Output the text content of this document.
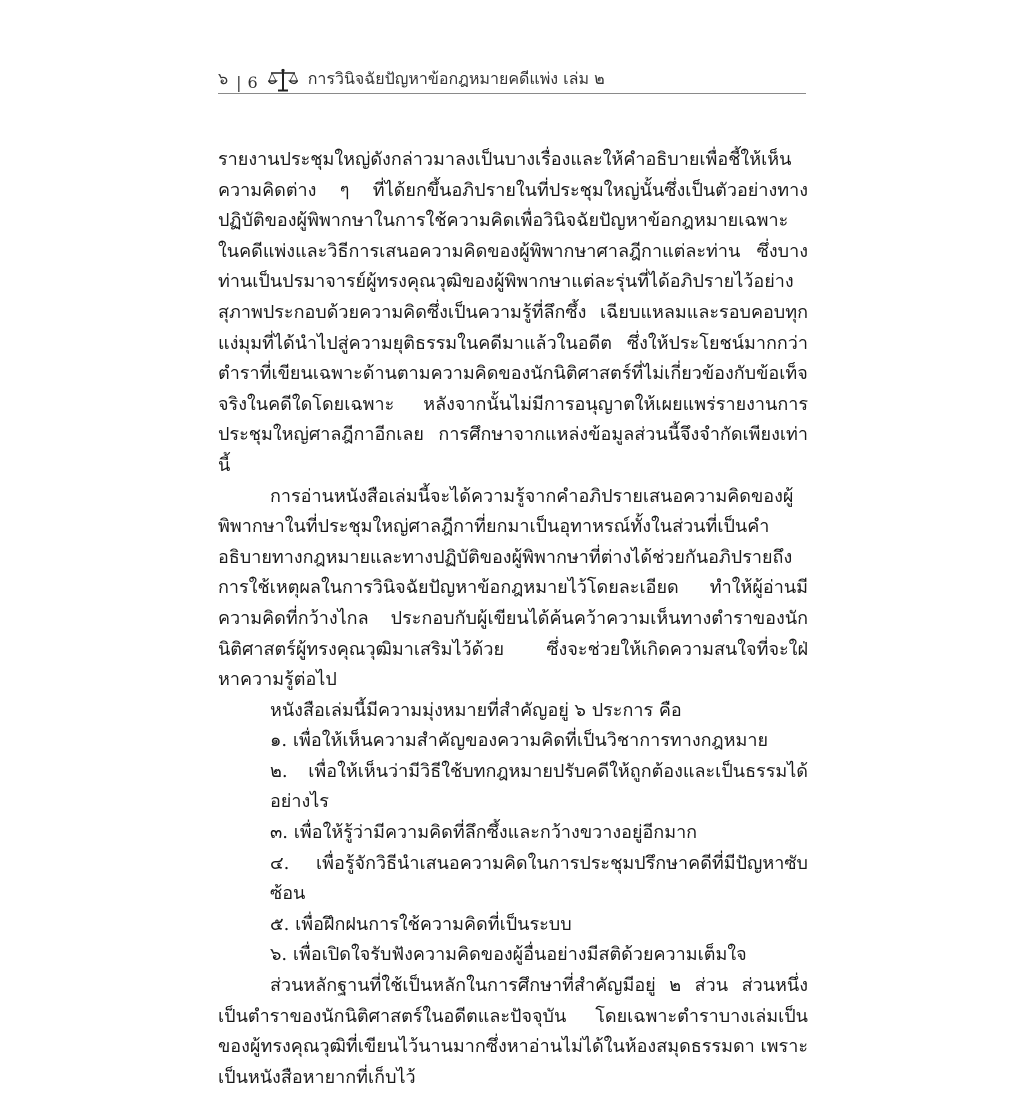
๖ | 6	การวินิจฉัยปัญหาข้อกฎหมายคดีแพ่ง เล่ม ๒

รายงานประชุมใหญ่ดังกล่าวมาลงเป็นบางเรื่องและให้คำอธิบายเพื่อชี้ให้เห็นความคิดต่าง ๆ ที่ได้ยกขึ้นอภิปรายในที่ประชุมใหญ่นั้นซึ่งเป็นตัวอย่างทางปฏิบัติของผู้พิพากษาในการใช้ความคิดเพื่อวินิจฉัยปัญหาข้อกฎหมายเฉพาะในคดีแพ่งและวิธีการเสนอความคิดของผู้พิพากษาศาลฎีกาแต่ละท่าน ซึ่งบางท่านเป็นปรมาจารย์ผู้ทรงคุณวุฒิของผู้พิพากษาแต่ละรุ่นที่ได้อภิปรายไว้อย่างสุภาพประกอบด้วยความคิดซึ่งเป็นความรู้ที่ลึกซึ้ง เฉียบแหลมและรอบคอบทุกแง่มุมที่ได้นำไปสู่ความยุติธรรมในคดีมาแล้วในอดีต ซึ่งให้ประโยชน์มากกว่าตำราที่เขียนเฉพาะด้านตามความคิดของนักนิติศาสตร์ที่ไม่เกี่ยวข้องกับข้อเท็จจริงในคดีใดโดยเฉพาะ หลังจากนั้นไม่มีการอนุญาตให้เผยแพร่รายงานการประชุมใหญ่ศาลฎีกาอีกเลย การศึกษาจากแหล่งข้อมูลส่วนนี้จึงจำกัดเพียงเท่านี้

การอ่านหนังสือเล่มนี้จะได้ความรู้จากคำอภิปรายเสนอความคิดของผู้พิพากษาในที่ประชุมใหญ่ศาลฎีกาที่ยกมาเป็นอุทาหรณ์ทั้งในส่วนที่เป็นคำอธิบายทางกฎหมายและทางปฏิบัติของผู้พิพากษาที่ต่างได้ช่วยกันอภิปรายถึงการใช้เหตุผลในการวินิจฉัยปัญหาข้อกฎหมายไว้โดยละเอียด ทำให้ผู้อ่านมีความคิดที่กว้างไกล ประกอบกับผู้เขียนได้ค้นคว้าความเห็นทางตำราของนักนิติศาสตร์ผู้ทรงคุณวุฒิมาเสริมไว้ด้วย ซึ่งจะช่วยให้เกิดความสนใจที่จะใฝ่หาความรู้ต่อไป

หนังสือเล่มนี้มีความมุ่งหมายที่สำคัญอยู่ ๖ ประการ คือ

๑. เพื่อให้เห็นความสำคัญของความคิดที่เป็นวิชาการทางกฎหมาย

๒. เพื่อให้เห็นว่ามีวิธีใช้บทกฎหมายปรับคดีให้ถูกต้องและเป็นธรรมได้อย่างไร

๓. เพื่อให้รู้ว่ามีความคิดที่ลึกซึ้งและกว้างขวางอยู่อีกมาก

๔. เพื่อรู้จักวิธีนำเสนอความคิดในการประชุมปรึกษาคดีที่มีปัญหาซับซ้อน

๕. เพื่อฝึกฝนการใช้ความคิดที่เป็นระบบ

๖. เพื่อเปิดใจรับฟังความคิดของผู้อื่นอย่างมีสติด้วยความเต็มใจ

ส่วนหลักฐานที่ใช้เป็นหลักในการศึกษาที่สำคัญมีอยู่ ๒ ส่วน ส่วนหนึ่งเป็นตำราของนักนิติศาสตร์ในอดีตและปัจจุบัน โดยเฉพาะตำราบางเล่มเป็นของผู้ทรงคุณวุฒิที่เขียนไว้นานมากซึ่งหาอ่านไม่ได้ในห้องสมุดธรรมดา เพราะเป็นหนังสือหายากที่เก็บไว้
